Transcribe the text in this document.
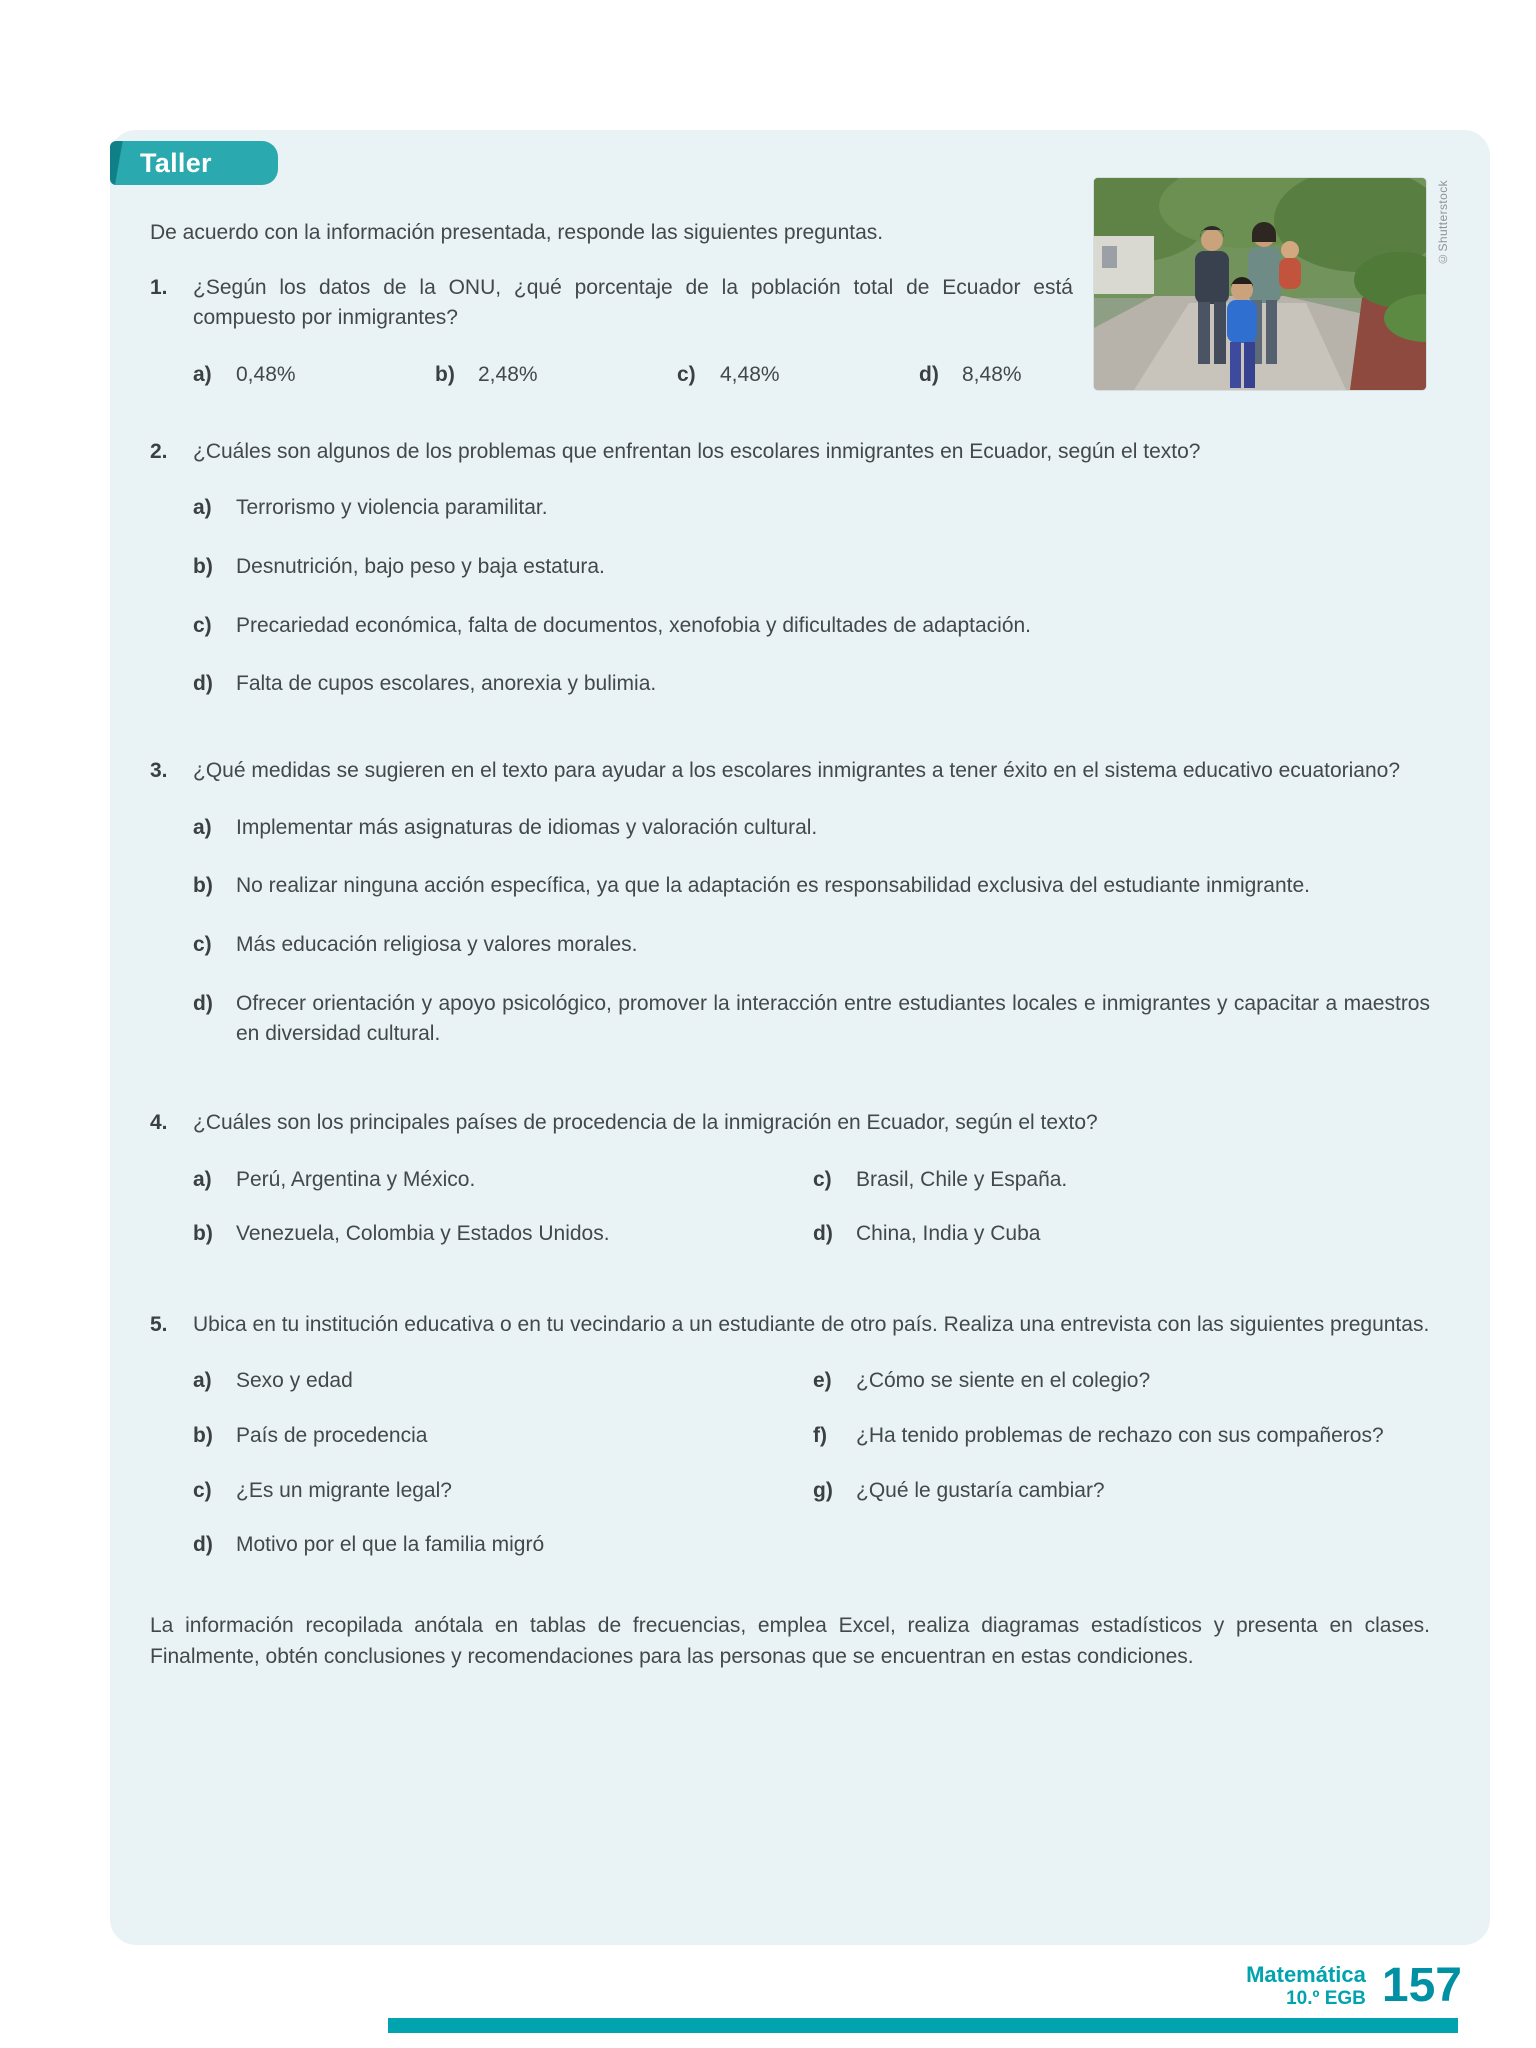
Taller
©Shutterstock

De acuerdo con la información presentada, responde las siguientes preguntas.

1. ¿Según los datos de la ONU, ¿qué porcentaje de la población total de Ecuador está compuesto por inmigrantes?

a)	0,48%	b)	2,48%	c)	4,48%	d)	8,48%
2. ¿Cuáles son algunos de los problemas que enfrentan los escolares inmigrantes en Ecuador, según el texto?

a)	Terrorismo y violencia paramilitar.
b)	Desnutrición, bajo peso y baja estatura.
c)	Precariedad económica, falta de documentos, xenofobia y dificultades de adaptación.
d)	Falta de cupos escolares, anorexia y bulimia.
3. ¿Qué medidas se sugieren en el texto para ayudar a los escolares inmigrantes a tener éxito en el sistema educativo ecuatoriano?

a)	Implementar más asignaturas de idiomas y valoración cultural.
b)	No realizar ninguna acción específica, ya que la adaptación es responsabilidad exclusiva del estudiante inmigrante.
c)	Más educación religiosa y valores morales.
d)	Ofrecer orientación y apoyo psicológico, promover la interacción entre estudiantes locales e inmigrantes y capacitar a maestros en diversidad cultural.
4. ¿Cuáles son los principales países de procedencia de la inmigración en Ecuador, según el texto?

a)	Perú, Argentina y México.	c)	Brasil, Chile y España.
b)	Venezuela, Colombia y Estados Unidos.	d)	China, India y Cuba
5. Ubica en tu institución educativa o en tu vecindario a un estudiante de otro país. Realiza una entrevista con las siguientes preguntas.

a)	Sexo y edad	e)	¿Cómo se siente en el colegio?
b)	País de procedencia	f)	¿Ha tenido problemas de rechazo con sus compañeros?
c)	¿Es un migrante legal?	g)	¿Qué le gustaría cambiar?
d)	Motivo por el que la familia migró

La información recopilada anótala en tablas de frecuencias, emplea Excel, realiza diagramas estadísticos y presenta en clases. Finalmente, obtén conclusiones y recomendaciones para las personas que se encuentran en estas condiciones.

Matemática
10.º EGB 157
